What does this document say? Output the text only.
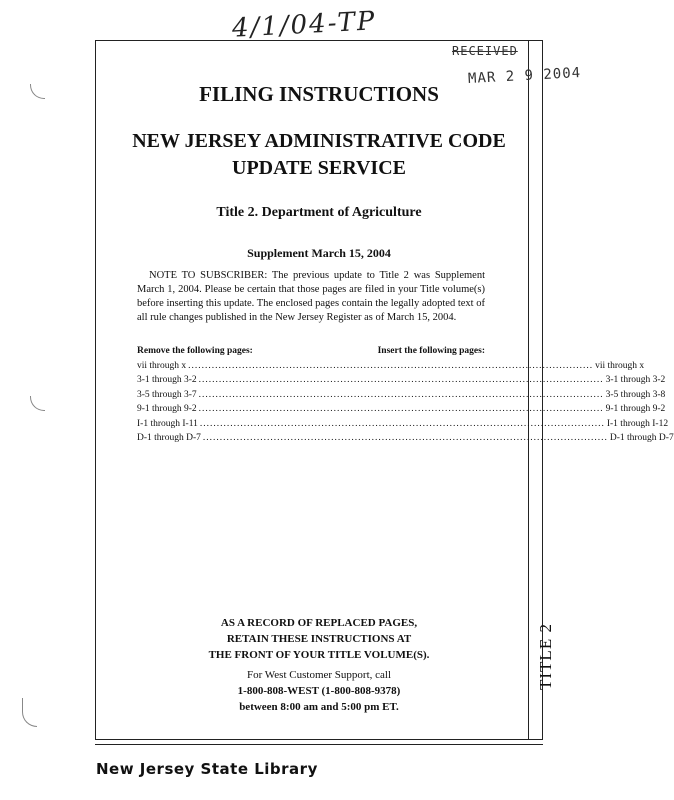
4/1/04-TP
RECEIVED
MAR 2 9 2004
FILING INSTRUCTIONS
NEW JERSEY ADMINISTRATIVE CODE
UPDATE SERVICE
Title 2. Department of Agriculture
Supplement March 15, 2004
NOTE TO SUBSCRIBER: The previous update to Title 2 was Supplement March 1, 2004. Please be certain that those pages are filed in your Title volume(s) before inserting this update. The enclosed pages contain the legally adopted text of all rule changes published in the New Jersey Register as of March 15, 2004.
Remove the following pages:	Insert the following pages:
vii through x ........................................................................................................................ vii through x
3-1 through 3-2 ........................................................................................................................ 3-1 through 3-2
3-5 through 3-7 ........................................................................................................................ 3-5 through 3-8
9-1 through 9-2 ........................................................................................................................ 9-1 through 9-2
I-1 through I-11 ........................................................................................................................ I-1 through I-12
D-1 through D-7 ........................................................................................................................ D-1 through D-7
AS A RECORD OF REPLACED PAGES,
RETAIN THESE INSTRUCTIONS AT
THE FRONT OF YOUR TITLE VOLUME(S).
For West Customer Support, call
1-800-808-WEST (1-800-808-9378)
between 8:00 am and 5:00 pm ET.
TITLE 2
New Jersey State Library
